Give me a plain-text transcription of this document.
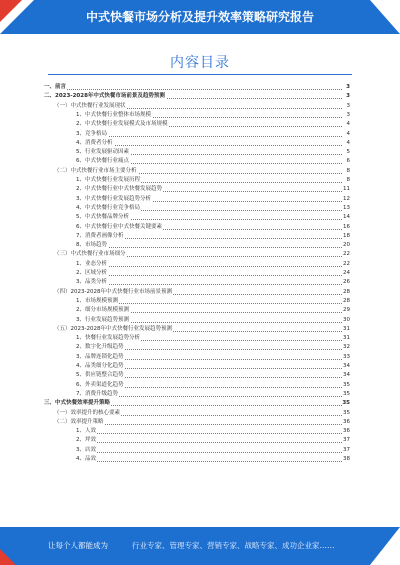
中式快餐市场分析及提升效率策略研究报告
内容目录
一、前言	3
二、2023-2028年中式快餐市场前景及趋势预测	3
（一）中式快餐行业发展现状	3
1、中式快餐行业整体市场规模	3
2、中式快餐行业发展模式及市场规模	4
3、竞争格局	4
4、消费者分析	4
5、行业发展驱动因素	5
6、中式快餐行业痛点	6
（二）中式快餐行业市场主要分析	8
1、中式快餐行业发展历程	8
2、中式快餐行业中式快餐发展趋势	11
3、中式快餐行业发展趋势分析	12
4、中式快餐行业竞争格局	13
5、中式快餐品牌分析	14
6、中式快餐行业中式快餐关键要素	16
7、消费者画像分析	18
8、市场趋势	20
（三）中式快餐行业市场细分	22
1、业态分析	22
2、区域分析	24
3、品类分析	26
（四）2023-2028年中式快餐行业市场前景预测	28
1、市场规模预测	28
2、细分市场规模预测	29
3、行业发展趋势预测	30
（五）2023-2028年中式快餐行业发展趋势预测	31
1、快餐行业发展趋势分析	31
2、数字化升级趋势	32
3、品牌连锁化趋势	33
4、品类细分化趋势	34
5、供应链整合趋势	34
6、外卖渠道化趋势	35
7、消费升级趋势	35
三、中式快餐效率提升策略	35
（一）效率提升的核心要素	35
（二）效率提升策略	36
1、人效	36
2、坪效	37
3、店效	37
4、品效	38
让每个人都能成为	行业专家、管理专家、营销专家、战略专家、成功企业家……
